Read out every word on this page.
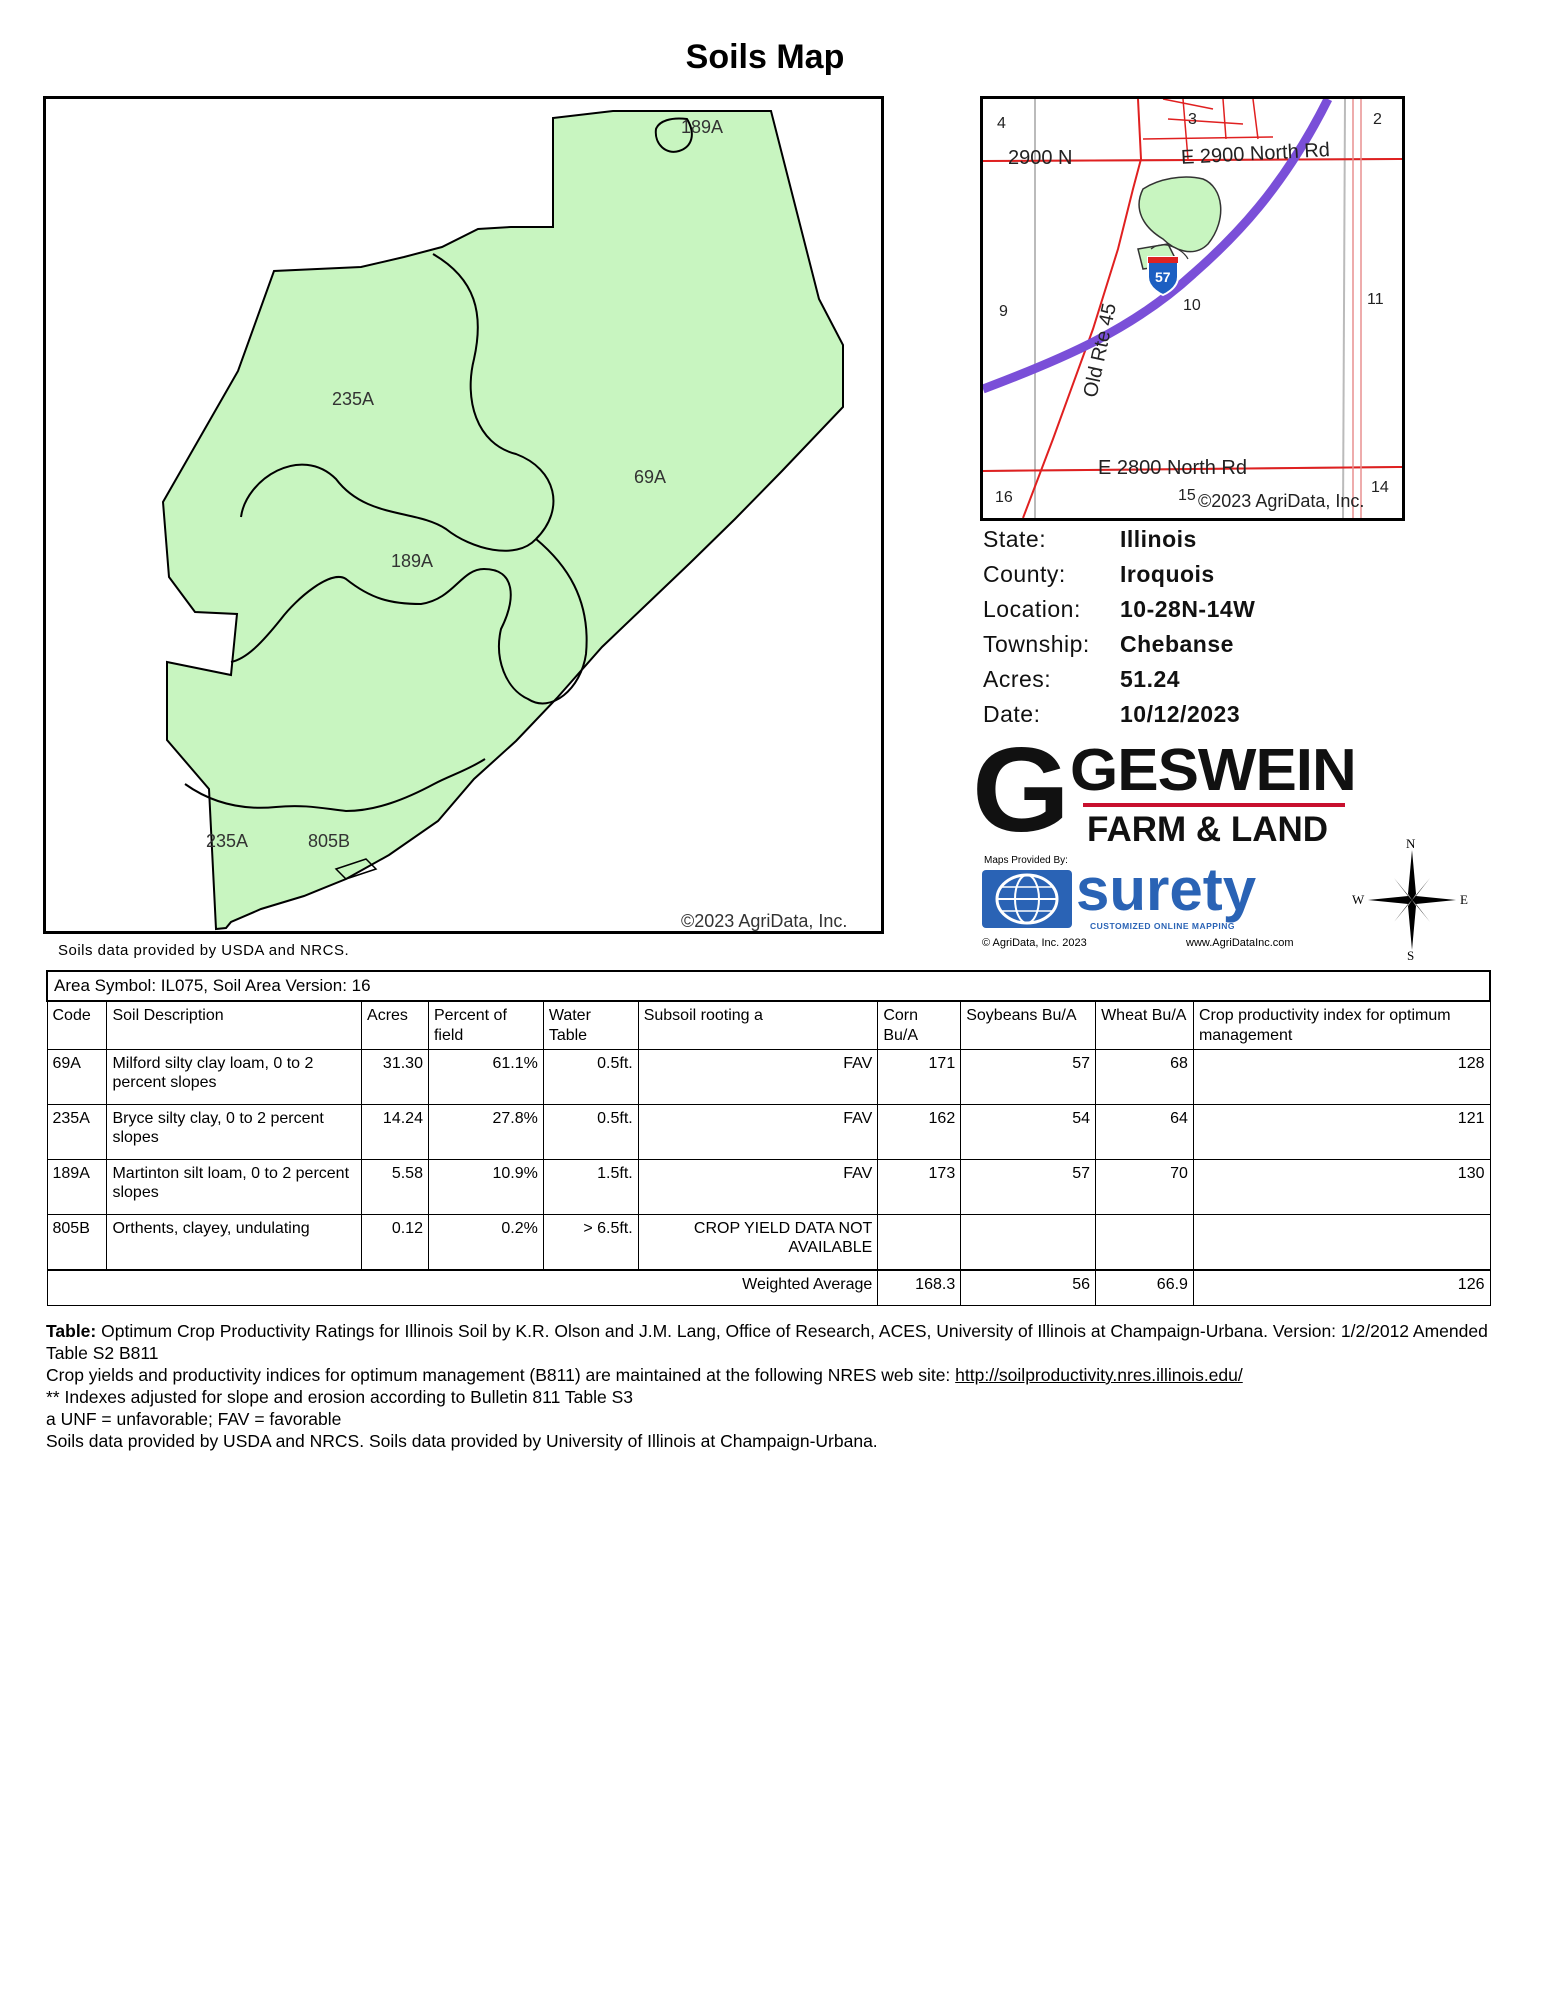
Soils Map
189A
235A
69A
189A
235A	805B
©2023 AgriData, Inc.
4	3	2
9	10	11
16	15	14
2900 N	E 2900 North Rd
E 2800 North Rd
Old Rte 45
57
©2023 AgriData, Inc.
State:	Illinois
County:	Iroquois
Location:	10-28N-14W
Township:	Chebanse
Acres:	51.24
Date:	10/12/2023
G GESWEIN
FARM & LAND
Maps Provided By: surety
CUSTOMIZED ONLINE MAPPING
© AgriData, Inc. 2023	www.AgriDataInc.com
N
S
W	E
Soils data provided by USDA and NRCS.
Area Symbol: IL075, Soil Area Version: 16									
Code	Soil Description	Acres	Percent of field	Water Table	Subsoil rooting a	Corn Bu/A	Soybeans Bu/A	Wheat Bu/A	Crop productivity index for optimum management
69A	Milford silty clay loam, 0 to 2 percent slopes	31.30	61.1%	0.5ft.	FAV	171	57	68	128
235A	Bryce silty clay, 0 to 2 percent slopes	14.24	27.8%	0.5ft.	FAV	162	54	64	121
189A	Martinton silt loam, 0 to 2 percent slopes	5.58	10.9%	1.5ft.	FAV	173	57	70	130
805B	Orthents, clayey, undulating	0.12	0.2%	> 6.5ft.	CROP YIELD DATA NOT AVAILABLE				
Weighted Average						168.3	56	66.9	126
Table: Optimum Crop Productivity Ratings for Illinois Soil by K.R. Olson and J.M. Lang, Office of Research, ACES, University of Illinois at Champaign-Urbana. Version: 1/2/2012 Amended Table S2 B811
Crop yields and productivity indices for optimum management (B811) are maintained at the following NRES web site: http://soilproductivity.nres.illinois.edu/
** Indexes adjusted for slope and erosion according to Bulletin 811 Table S3
a UNF = unfavorable; FAV = favorable
Soils data provided by USDA and NRCS. Soils data provided by University of Illinois at Champaign-Urbana.
